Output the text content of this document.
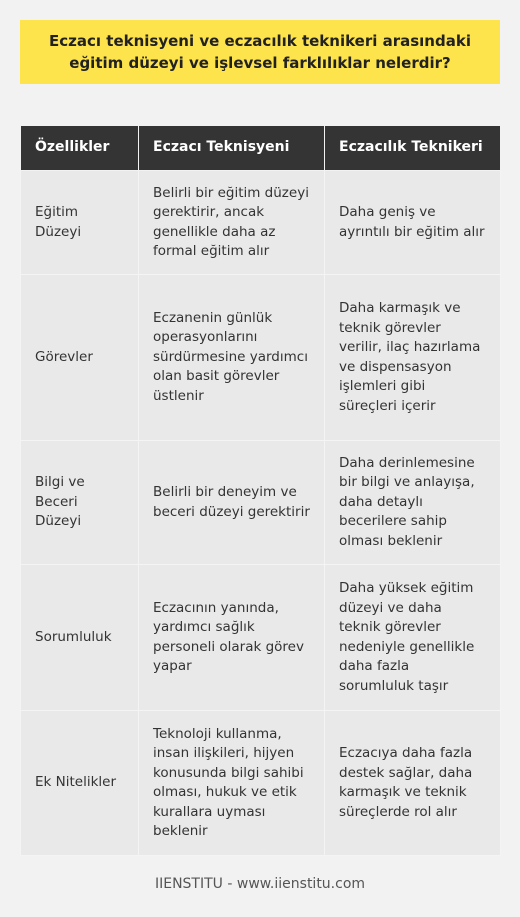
Eczacı teknisyeni ve eczacılık teknikeri arasındaki eğitim düzeyi ve işlevsel farklılıklar nelerdir?
Özellikler	Eczacı Teknisyeni	Eczacılık Teknikeri
Eğitim Düzeyi	Belirli bir eğitim düzeyi gerektirir, ancak genellikle daha az formal eğitim alır	Daha geniş ve ayrıntılı bir eğitim alır
Görevler	Eczanenin günlük operasyonlarını sürdürmesine yardımcı olan basit görevler üstlenir	Daha karmaşık ve teknik görevler verilir, ilaç hazırlama ve dispensasyon işlemleri gibi süreçleri içerir
Bilgi ve Beceri Düzeyi	Belirli bir deneyim ve beceri düzeyi gerektirir	Daha derinlemesine bir bilgi ve anlayışa, daha detaylı becerilere sahip olması beklenir
Sorumluluk	Eczacının yanında, yardımcı sağlık personeli olarak görev yapar	Daha yüksek eğitim düzeyi ve daha teknik görevler nedeniyle genellikle daha fazla sorumluluk taşır
Ek Nitelikler	Teknoloji kullanma, insan ilişkileri, hijyen konusunda bilgi sahibi olması, hukuk ve etik kurallara uyması beklenir	Eczacıya daha fazla destek sağlar, daha karmaşık ve teknik süreçlerde rol alır
IIENSTITU - www.iienstitu.com
